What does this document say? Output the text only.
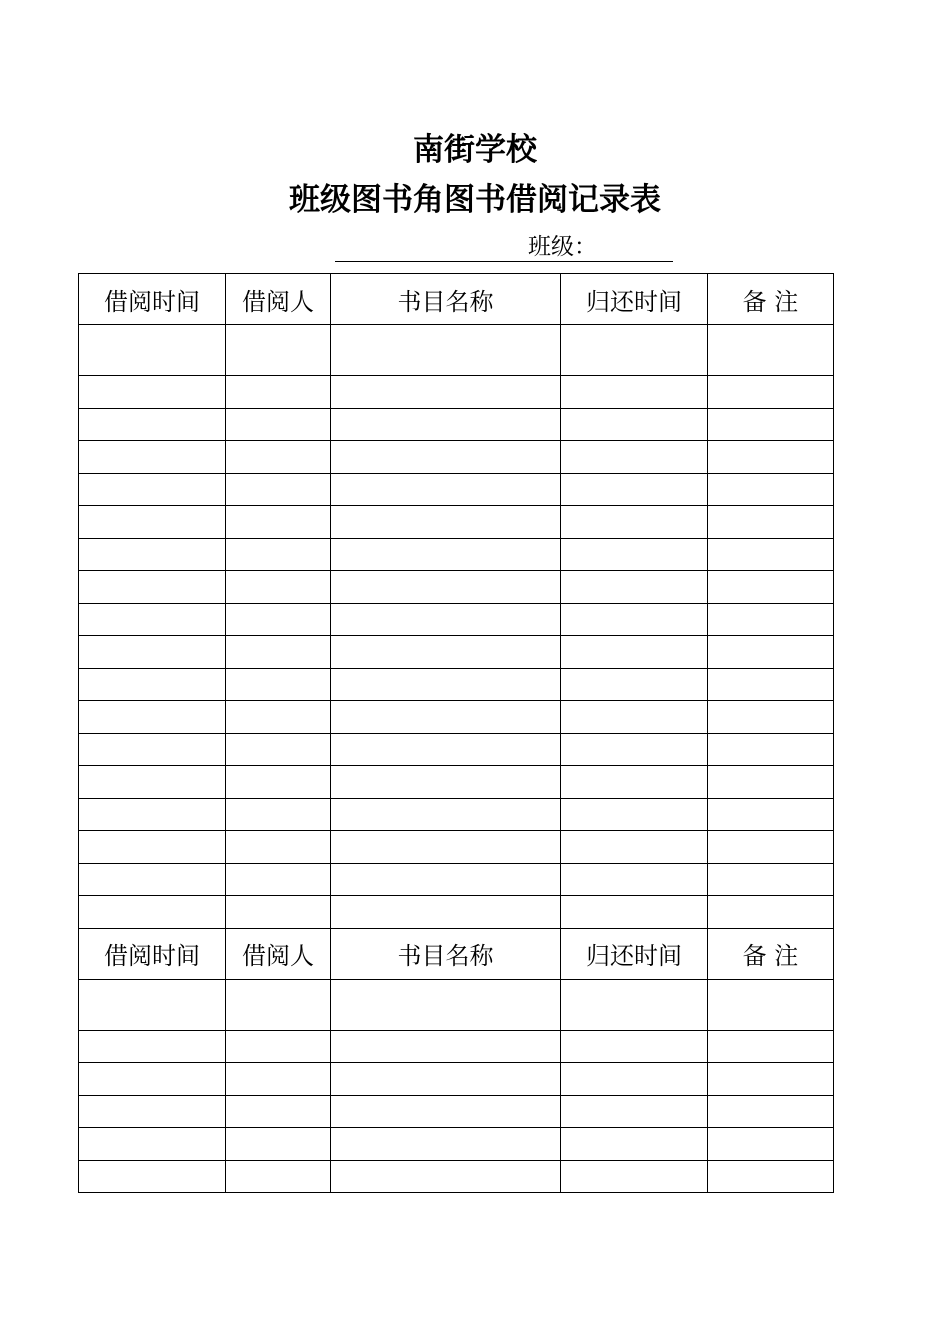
南街学校
班级图书角图书借阅记录表
班级：
借阅时间	借阅人	书目名称	归还时间	备 注

借阅时间	借阅人	书目名称	归还时间	备 注
